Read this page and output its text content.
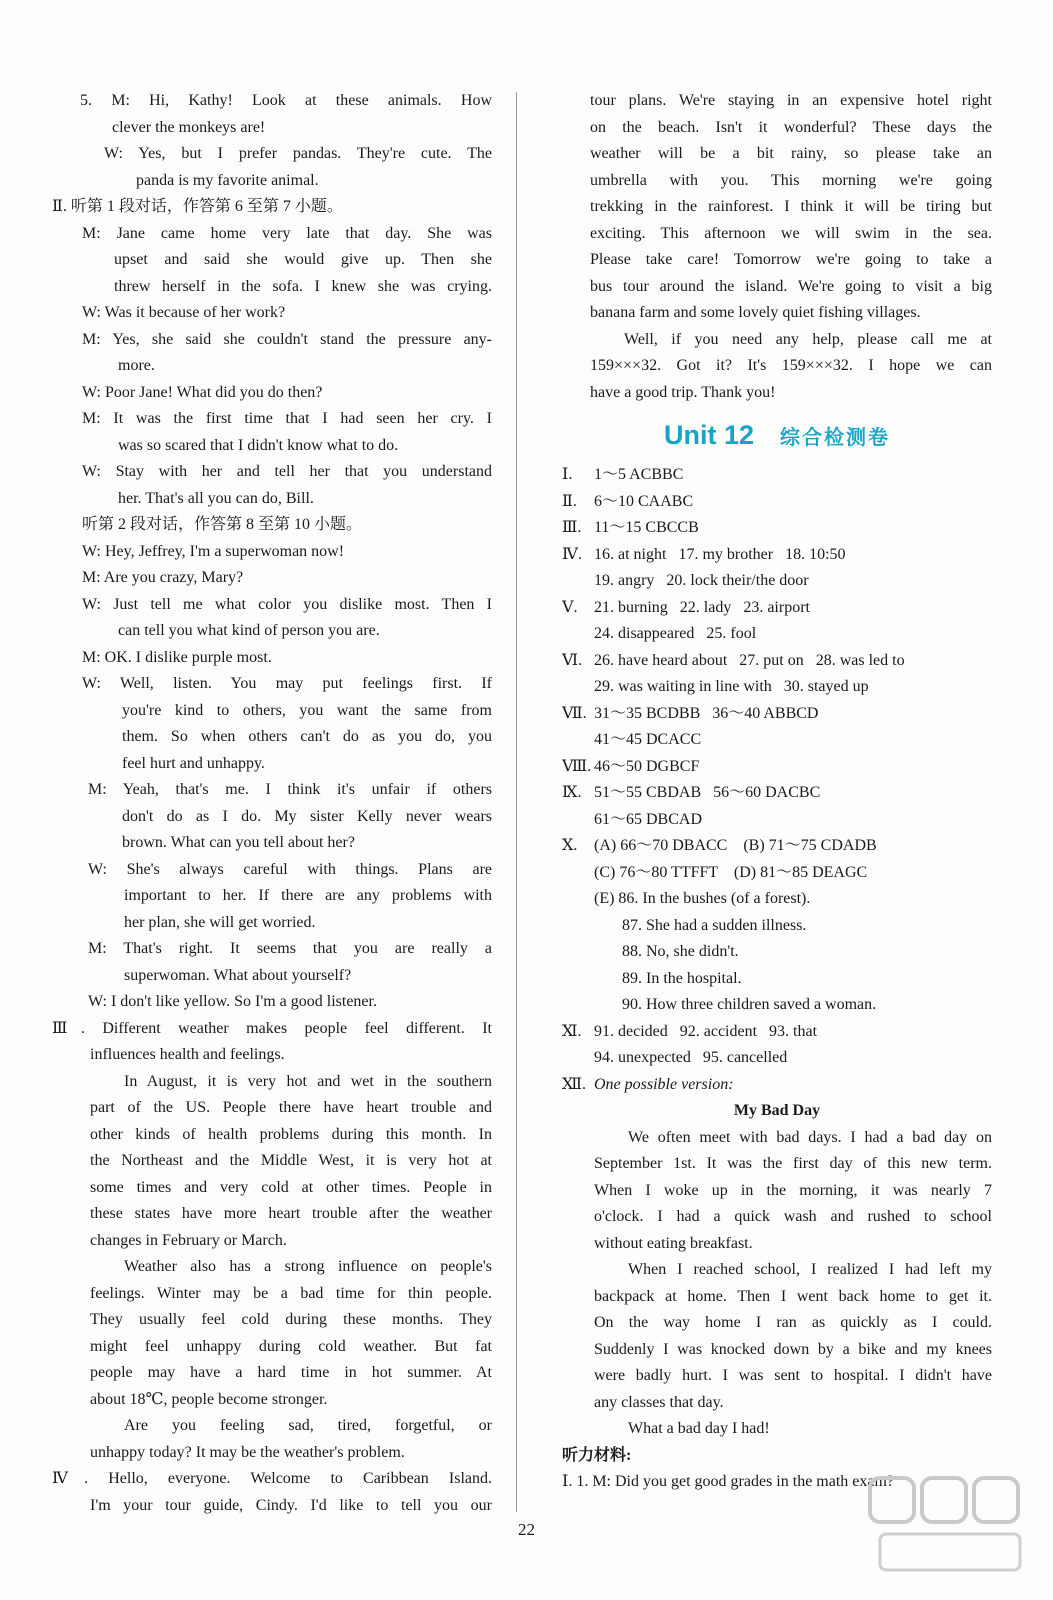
5. M: Hi, Kathy! Look at these animals. How
clever the monkeys are!
W: Yes, but I prefer pandas. They're cute. The
panda is my favorite animal.
Ⅱ. 听第 1 段对话，作答第 6 至第 7 小题。
M: Jane came home very late that day. She was
upset and said she would give up. Then she
threw herself in the sofa. I knew she was crying.
W: Was it because of her work?
M: Yes, she said she couldn't stand the pressure any-
more.
W: Poor Jane! What did you do then?
M: It was the first time that I had seen her cry. I
was so scared that I didn't know what to do.
W: Stay with her and tell her that you understand
her. That's all you can do, Bill.
听第 2 段对话，作答第 8 至第 10 小题。
W: Hey, Jeffrey, I'm a superwoman now!
M: Are you crazy, Mary?
W: Just tell me what color you dislike most. Then I
can tell you what kind of person you are.
M: OK. I dislike purple most.
W: Well, listen. You may put feelings first. If
you're kind to others, you want the same from
them. So when others can't do as you do, you
feel hurt and unhappy.
M: Yeah, that's me. I think it's unfair if others
don't do as I do. My sister Kelly never wears
brown. What can you tell about her?
W: She's always careful with things. Plans are
important to her. If there are any problems with
her plan, she will get worried.
M: That's right. It seems that you are really a
superwoman. What about yourself?
W: I don't like yellow. So I'm a good listener.
Ⅲ. Different weather makes people feel different. It
influences health and feelings.
In August, it is very hot and wet in the southern
part of the US. People there have heart trouble and
other kinds of health problems during this month. In
the Northeast and the Middle West, it is very hot at
some times and very cold at other times. People in
these states have more heart trouble after the weather
changes in February or March.
Weather also has a strong influence on people's
feelings. Winter may be a bad time for thin people.
They usually feel cold during these months. They
might feel unhappy during cold weather. But fat
people may have a hard time in hot summer. At
about 18℃, people become stronger.
Are you feeling sad, tired, forgetful, or
unhappy today? It may be the weather's problem.
Ⅳ. Hello, everyone. Welcome to Caribbean Island.
I'm your tour guide, Cindy. I'd like to tell you our
tour plans. We're staying in an expensive hotel right
on the beach. Isn't it wonderful? These days the
weather will be a bit rainy, so please take an
umbrella with you. This morning we're going
trekking in the rainforest. I think it will be tiring but
exciting. This afternoon we will swim in the sea.
Please take care! Tomorrow we're going to take a
bus tour around the island. We're going to visit a big
banana farm and some lovely quiet fishing villages.
Well, if you need any help, please call me at
159×××32. Got it? It's 159×××32. I hope we can
have a good trip. Thank you!
Unit 12 综合检测卷
Ⅰ. 1～5 ACBBC
Ⅱ. 6～10 CAABC
Ⅲ. 11～15 CBCCB
Ⅳ. 16. at night   17. my brother   18. 10:50
19. angry   20. lock their/the door
Ⅴ. 21. burning   22. lady   23. airport
24. disappeared   25. fool
Ⅵ. 26. have heard about   27. put on   28. was led to
29. was waiting in line with   30. stayed up
Ⅶ. 31～35 BCDBB   36～40 ABBCD
41～45 DCACC
Ⅷ. 46～50 DGBCF
Ⅸ. 51～55 CBDAB   56～60 DACBC
61～65 DBCAD
Ⅹ. (A) 66～70 DBACC    (B) 71～75 CDADB
(C) 76～80 TTFFT    (D) 81～85 DEAGC
(E) 86. In the bushes (of a forest).
87. She had a sudden illness.
88. No, she didn't.
89. In the hospital.
90. How three children saved a woman.
Ⅺ. 91. decided   92. accident   93. that
94. unexpected   95. cancelled
Ⅻ. One possible version:
My Bad Day
We often meet with bad days. I had a bad day on
September 1st. It was the first day of this new term.
When I woke up in the morning, it was nearly 7
o'clock. I had a quick wash and rushed to school
without eating breakfast.
When I reached school, I realized I had left my
backpack at home. Then I went back home to get it.
On the way home I ran as quickly as I could.
Suddenly I was knocked down by a bike and my knees
were badly hurt. I was sent to hospital. I didn't have
any classes that day.
What a bad day I had!
听力材料:
Ⅰ. 1. M: Did you get good grades in the math exam?
22
